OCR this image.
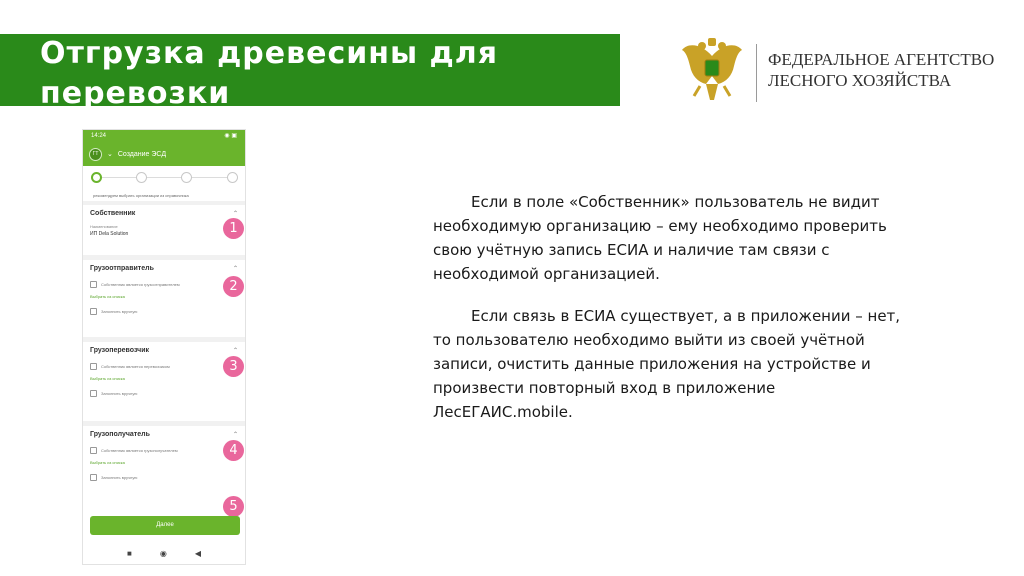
Отгрузка древесины для
перевозки
ФЕДЕРАЛЬНОЕ АГЕНТСТВО
ЛЕСНОГО ХОЗЯЙСТВА
14:24	◉ ▣
ГТ	⌄ Создание ЭСД
рекомендуем выбрать организации из справочника
Собственник	⌃
Наименование
ИП Dela Solution	1
Грузоотправитель	⌃
Собственник является грузоотправителем
Выбрать из списка
Заполнить вручную
2
Грузоперевозчик	⌃
Собственник является перевозчиком
Выбрать из списка
Заполнить вручную
3
Грузополучатель	⌃
Собственник является грузополучателем
Выбрать из списка
Заполнить вручную
4
5
Далее
■	◉	◀

Если в поле «Собственник» пользователь не видит необходимую организацию – ему необходимо проверить свою учётную запись ЕСИА и наличие там связи с необходимой организацией.

Если связь в ЕСИА существует, а в приложении – нет, то пользователю необходимо выйти из своей учётной записи, очистить данные приложения на устройстве и произвести повторный вход в приложение ЛесЕГАИС.mobile.
